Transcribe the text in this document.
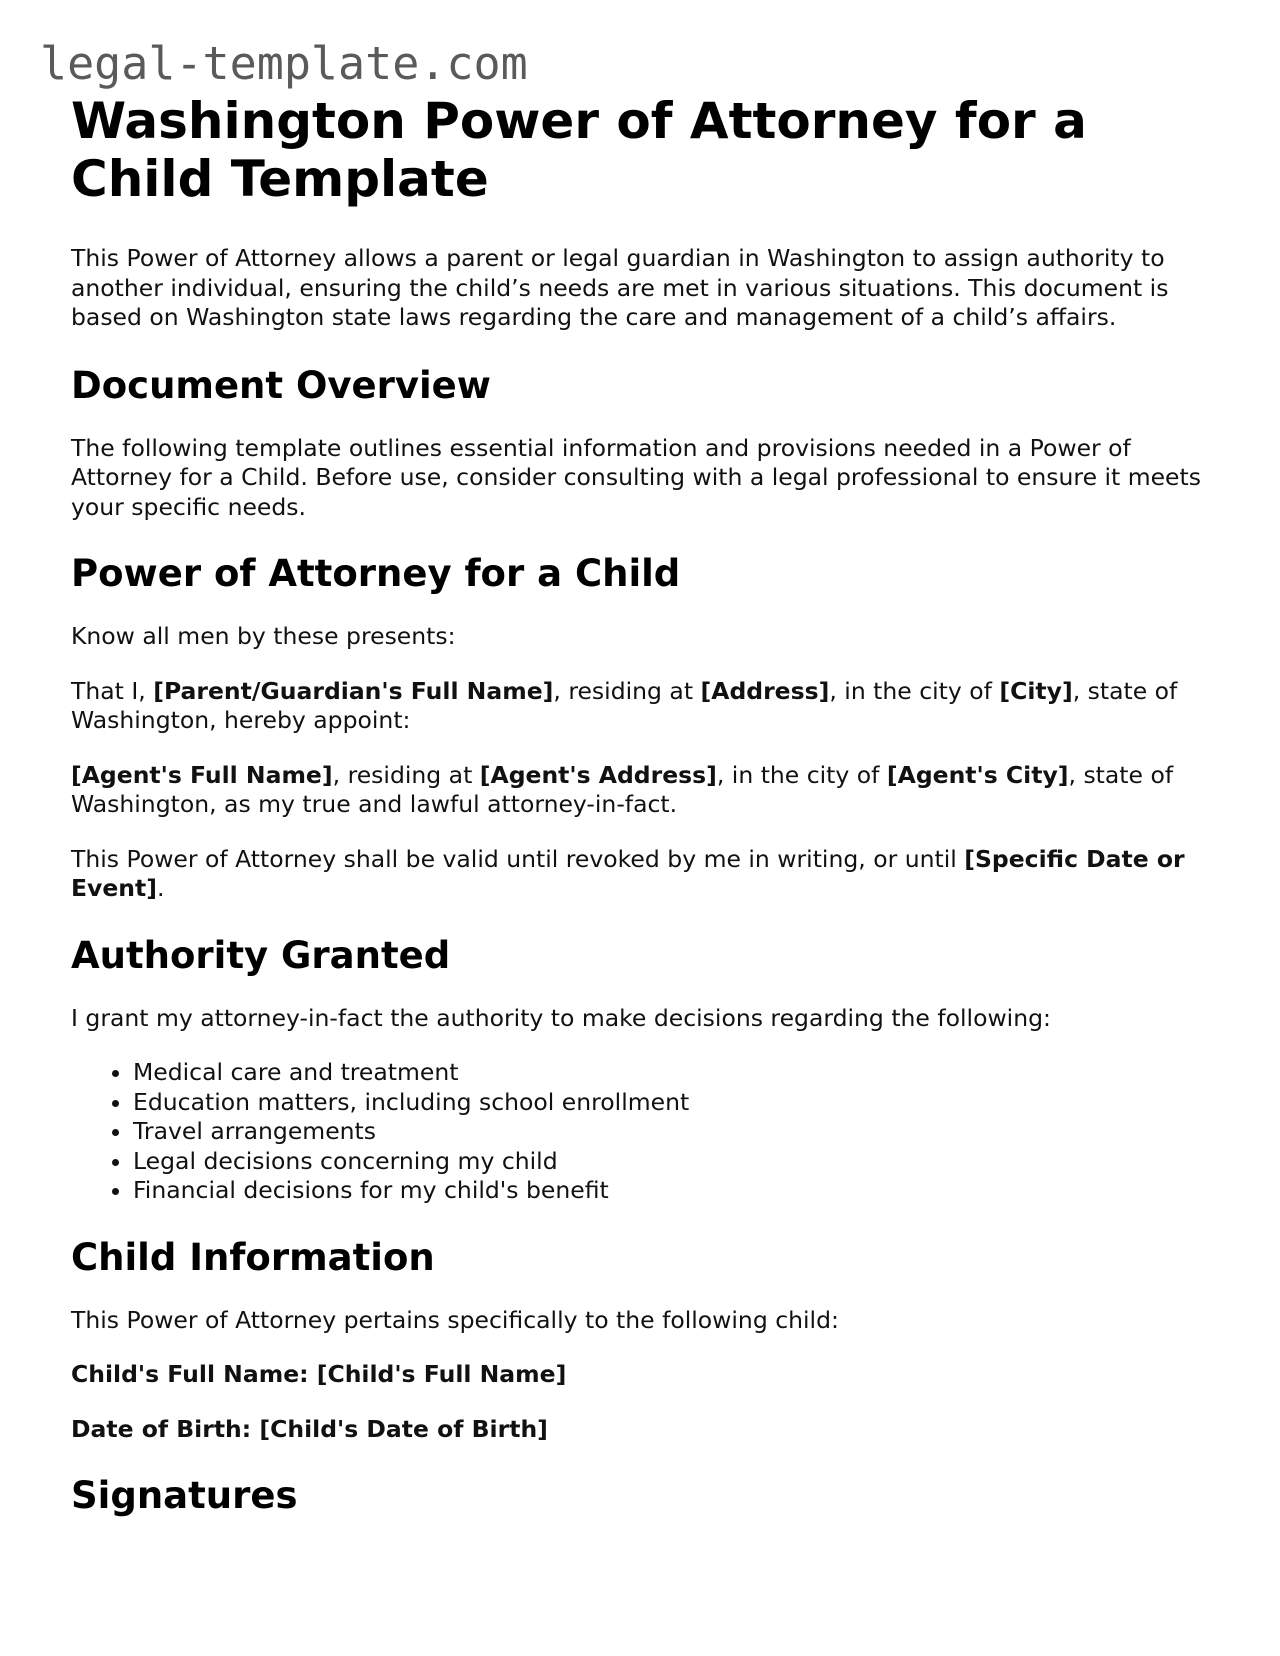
legal-template.com
Washington Power of Attorney for a Child Template

This Power of Attorney allows a parent or legal guardian in Washington to assign authority to another individual, ensuring the child’s needs are met in various situations. This document is based on Washington state laws regarding the care and management of a child’s affairs.

Document Overview

The following template outlines essential information and provisions needed in a Power of Attorney for a Child. Before use, consider consulting with a legal professional to ensure it meets your specific needs.

Power of Attorney for a Child

Know all men by these presents:

That I, [Parent/Guardian's Full Name], residing at [Address], in the city of [City], state of Washington, hereby appoint:

[Agent's Full Name], residing at [Agent's Address], in the city of [Agent's City], state of Washington, as my true and lawful attorney-in-fact.

This Power of Attorney shall be valid until revoked by me in writing, or until [Specific Date or Event].

Authority Granted

I grant my attorney-in-fact the authority to make decisions regarding the following:

• Medical care and treatment
• Education matters, including school enrollment
• Travel arrangements
• Legal decisions concerning my child
• Financial decisions for my child's benefit
Child Information

This Power of Attorney pertains specifically to the following child:

Child's Full Name: [Child's Full Name]

Date of Birth: [Child's Date of Birth]

Signatures
